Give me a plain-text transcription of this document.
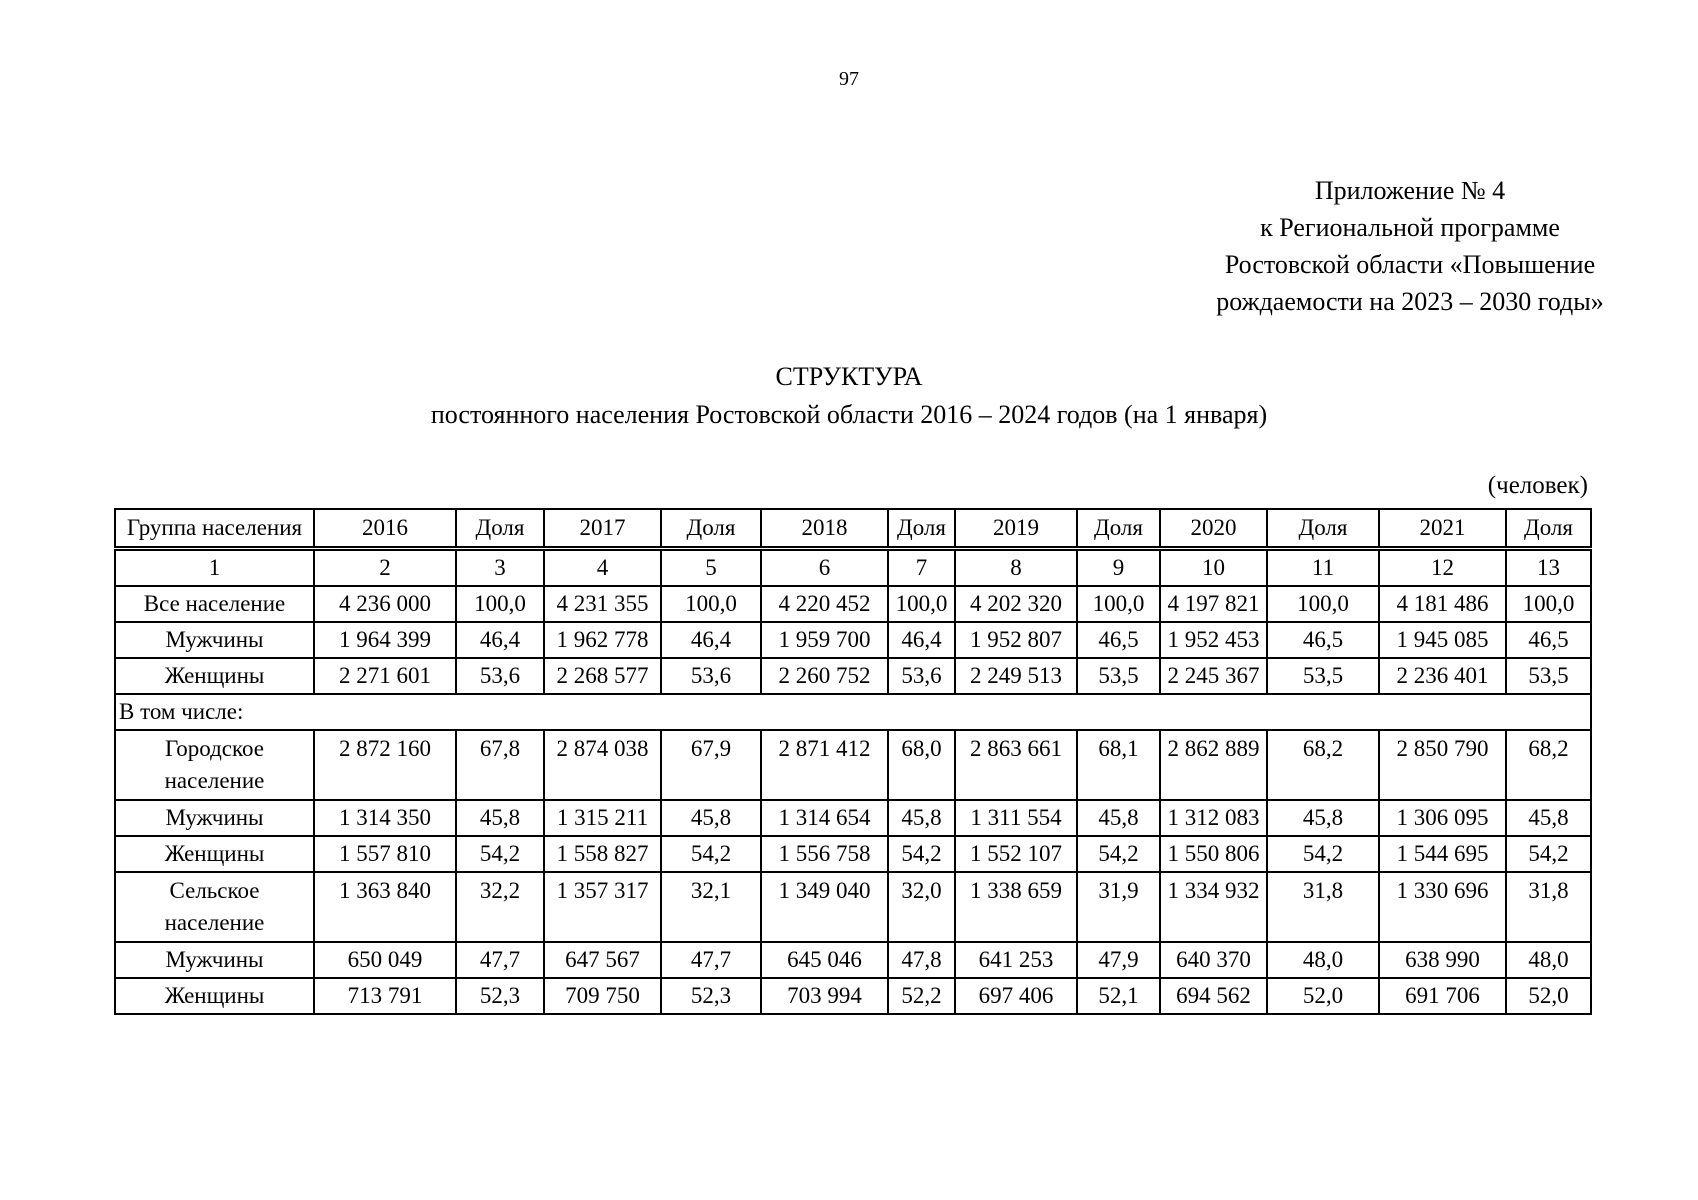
97
Приложение № 4
к Региональной программе
Ростовской области «Повышение
рождаемости на 2023 – 2030 годы»
СТРУКТУРА
постоянного населения Ростовской области 2016 – 2024 годов (на 1 января)
(человек)
Группа населения	2016	Доля	2017	Доля	2018	Доля	2019	Доля	2020	Доля	2021	Доля
1	2	3	4	5	6	7	8	9	10	11	12	13
Все население	4 236 000	100,0	4 231 355	100,0	4 220 452	100,0	4 202 320	100,0	4 197 821	100,0	4 181 486	100,0
Мужчины	1 964 399	46,4	1 962 778	46,4	1 959 700	46,4	1 952 807	46,5	1 952 453	46,5	1 945 085	46,5
Женщины	2 271 601	53,6	2 268 577	53,6	2 260 752	53,6	2 249 513	53,5	2 245 367	53,5	2 236 401	53,5
В том числе:												
Городское население	2 872 160	67,8	2 874 038	67,9	2 871 412	68,0	2 863 661	68,1	2 862 889	68,2	2 850 790	68,2
Мужчины	1 314 350	45,8	1 315 211	45,8	1 314 654	45,8	1 311 554	45,8	1 312 083	45,8	1 306 095	45,8
Женщины	1 557 810	54,2	1 558 827	54,2	1 556 758	54,2	1 552 107	54,2	1 550 806	54,2	1 544 695	54,2
Сельское население	1 363 840	32,2	1 357 317	32,1	1 349 040	32,0	1 338 659	31,9	1 334 932	31,8	1 330 696	31,8
Мужчины	650 049	47,7	647 567	47,7	645 046	47,8	641 253	47,9	640 370	48,0	638 990	48,0
Женщины	713 791	52,3	709 750	52,3	703 994	52,2	697 406	52,1	694 562	52,0	691 706	52,0
